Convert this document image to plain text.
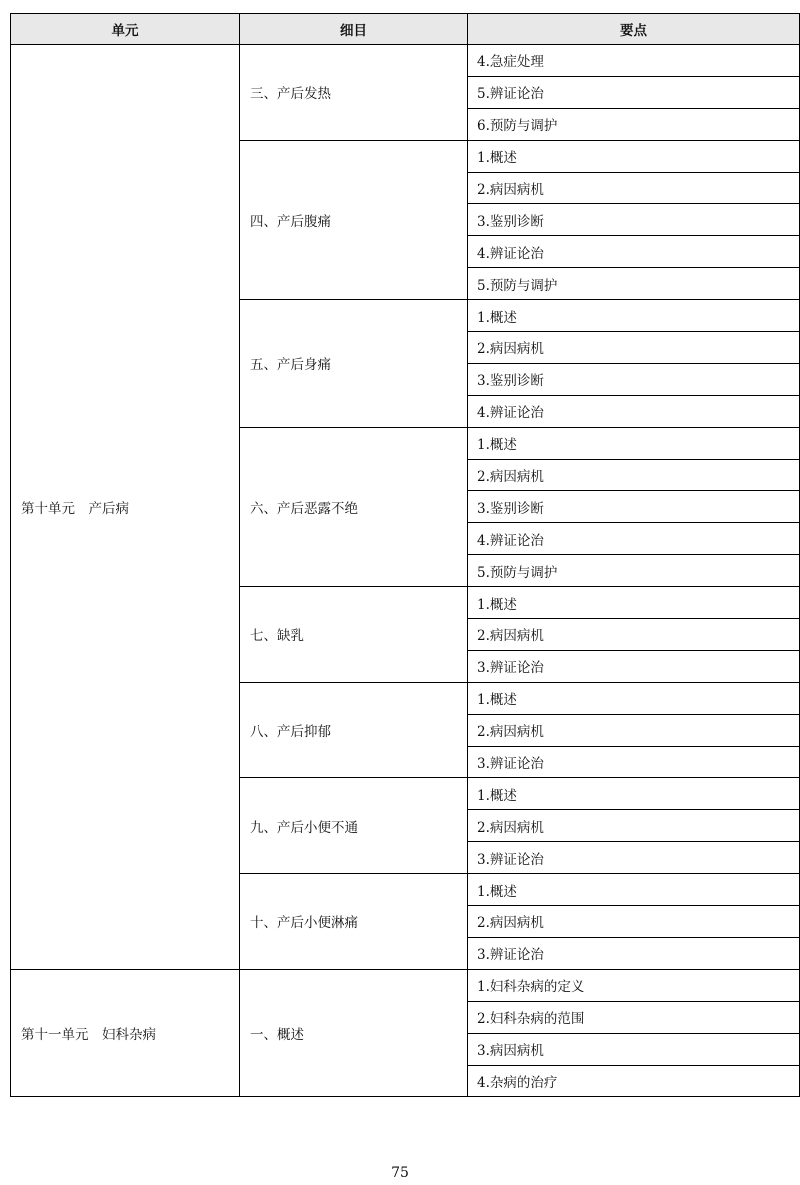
单元	细目	要点
第十单元　产后病	三、产后发热	4.急症处理
		5.辨证论治
		6.预防与调护
	四、产后腹痛	1.概述
		2.病因病机
		3.鉴别诊断
		4.辨证论治
		5.预防与调护
	五、产后身痛	1.概述
		2.病因病机
		3.鉴别诊断
		4.辨证论治
	六、产后恶露不绝	1.概述
		2.病因病机
		3.鉴别诊断
		4.辨证论治
		5.预防与调护
	七、缺乳	1.概述
		2.病因病机
		3.辨证论治
	八、产后抑郁	1.概述
		2.病因病机
		3.辨证论治
	九、产后小便不通	1.概述
		2.病因病机
		3.辨证论治
	十、产后小便淋痛	1.概述
		2.病因病机
		3.辨证论治
第十一单元　妇科杂病	一、概述	1.妇科杂病的定义
		2.妇科杂病的范围
		3.病因病机
		4.杂病的治疗
75
